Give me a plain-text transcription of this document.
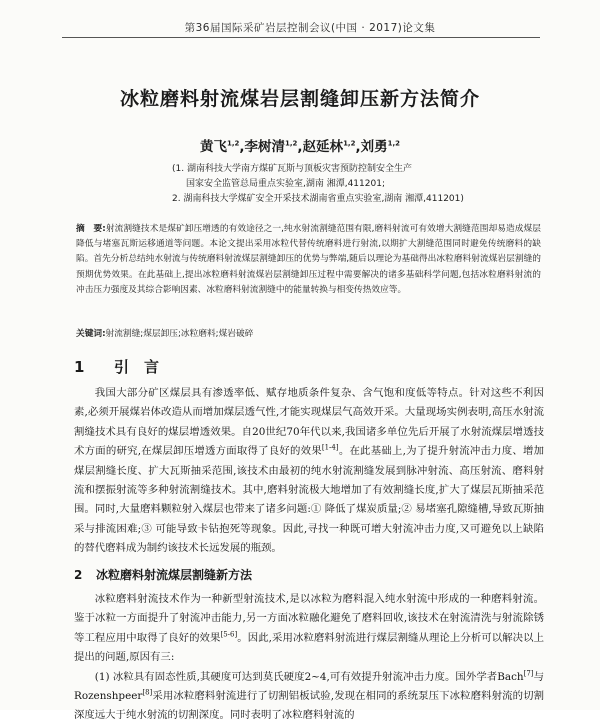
第36届国际采矿岩层控制会议(中国 · 2017)论文集
冰粒磨料射流煤岩层割缝卸压新方法简介
黄飞$^{1,2}$,李树清$^{1,2}$,赵延林$^{1,2}$,刘勇$^{1,2}$
(1. 湖南科技大学南方煤矿瓦斯与顶板灾害预防控制安全生产
国家安全监管总局重点实验室,湖南 湘潭,411201;
2. 湖南科技大学煤矿安全开采技术湖南省重点实验室,湖南 湘潭,411201)
摘　要:射流割缝技术是煤矿卸压增透的有效途径之一,纯水射流割缝范围有限,磨料射流可有效增大割缝范围却易造成煤层降低与堵塞瓦斯运移通道等问题。本论文提出采用冰粒代替传统磨料进行射流,以期扩大割缝范围同时避免传统磨料的缺陷。首先分析总结纯水射流与传统磨料射流煤层割缝卸压的优势与弊端,随后以理论为基础得出冰粒磨料射流煤岩层割缝的预期优势效果。在此基础上,提出冰粒磨料射流煤岩层割缝卸压过程中需要解决的诸多基础科学问题,包括冰粒磨料射流的冲击压力强度及其综合影响因素、冰粒磨料射流割缝中的能量转换与相变传热效应等。
关键词:射流割缝;煤层卸压;冰粒磨料;煤岩破碎
1 引　言

我国大部分矿区煤层具有渗透率低、赋存地质条件复杂、含气饱和度低等特点。针对这些不利因素,必须开展煤岩体改造从而增加煤层透气性,才能实现煤层气高效开采。大量现场实例表明,高压水射流割缝技术具有良好的煤层增透效果。自20世纪70年代以来,我国诸多单位先后开展了水射流煤层增透技术方面的研究,在煤层卸压增透方面取得了良好的效果[1-4]。在此基础上,为了提升射流冲击力度、增加煤层割缝长度、扩大瓦斯抽采范围,该技术由最初的纯水射流割缝发展到脉冲射流、高压射流、磨料射流和摆振射流等多种射流割缝技术。其中,磨料射流极大地增加了有效割缝长度,扩大了煤层瓦斯抽采范围。同时,大量磨料颗粒射入煤层也带来了诸多问题:① 降低了煤炭质量;② 易堵塞孔隙缝槽,导致瓦斯抽采与排流困难;③ 可能导致卡钻抱死等现象。因此,寻找一种既可增大射流冲击力度,又可避免以上缺陷的替代磨料成为制约该技术长远发展的瓶颈。

2 冰粒磨料射流煤层割缝新方法

冰粒磨料射流技术作为一种新型射流技术,是以冰粒为磨料混入纯水射流中形成的一种磨料射流。鉴于冰粒一方面提升了射流冲击能力,另一方面冰粒融化避免了磨料回收,该技术在射流清洗与射流除锈等工程应用中取得了良好的效果[5-6]。因此,采用冰粒磨料射流进行煤层割缝从理论上分析可以解决以上提出的问题,原因有三:

(1) 冰粒具有固态性质,其硬度可达到莫氏硬度2~4,可有效提升射流冲击力度。国外学者Bach[7]与Rozenshpeer[8]采用冰粒磨料射流进行了切割铝板试验,发现在相同的系统泵压下冰粒磨料射流的切割深度远大于纯水射流的切割深度。同时表明了冰粒磨料射流的
